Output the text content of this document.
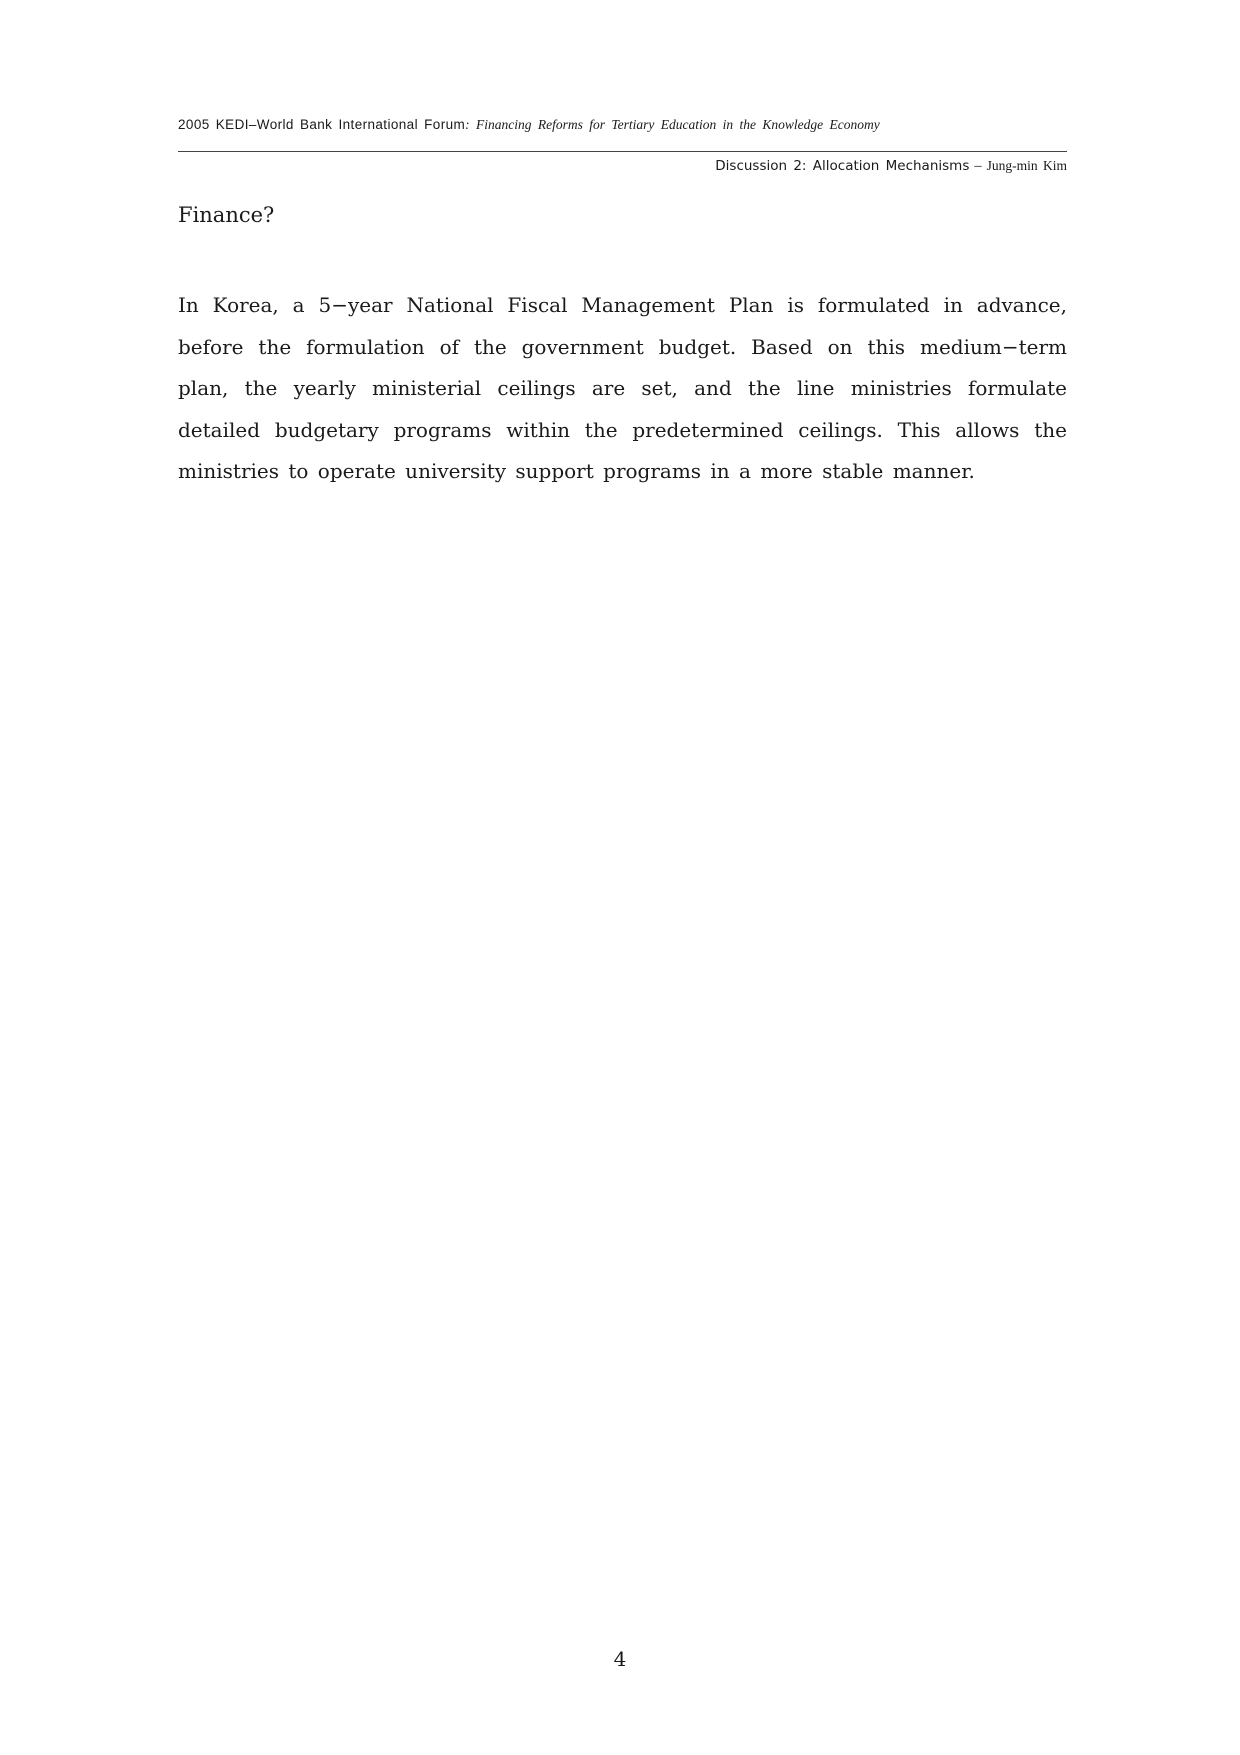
2005 KEDI–World Bank International Forum: Financing Reforms for Tertiary Education in the Knowledge Economy
Discussion 2: Allocation Mechanisms – Jung-min Kim
Finance?

In Korea, a 5−year National Fiscal Management Plan is formulated in advance, before the formulation of the government budget. Based on this medium−term plan, the yearly ministerial ceilings are set, and the line ministries formulate detailed budgetary programs within the predetermined ceilings. This allows the ministries to operate university support programs in a more stable manner.

4
